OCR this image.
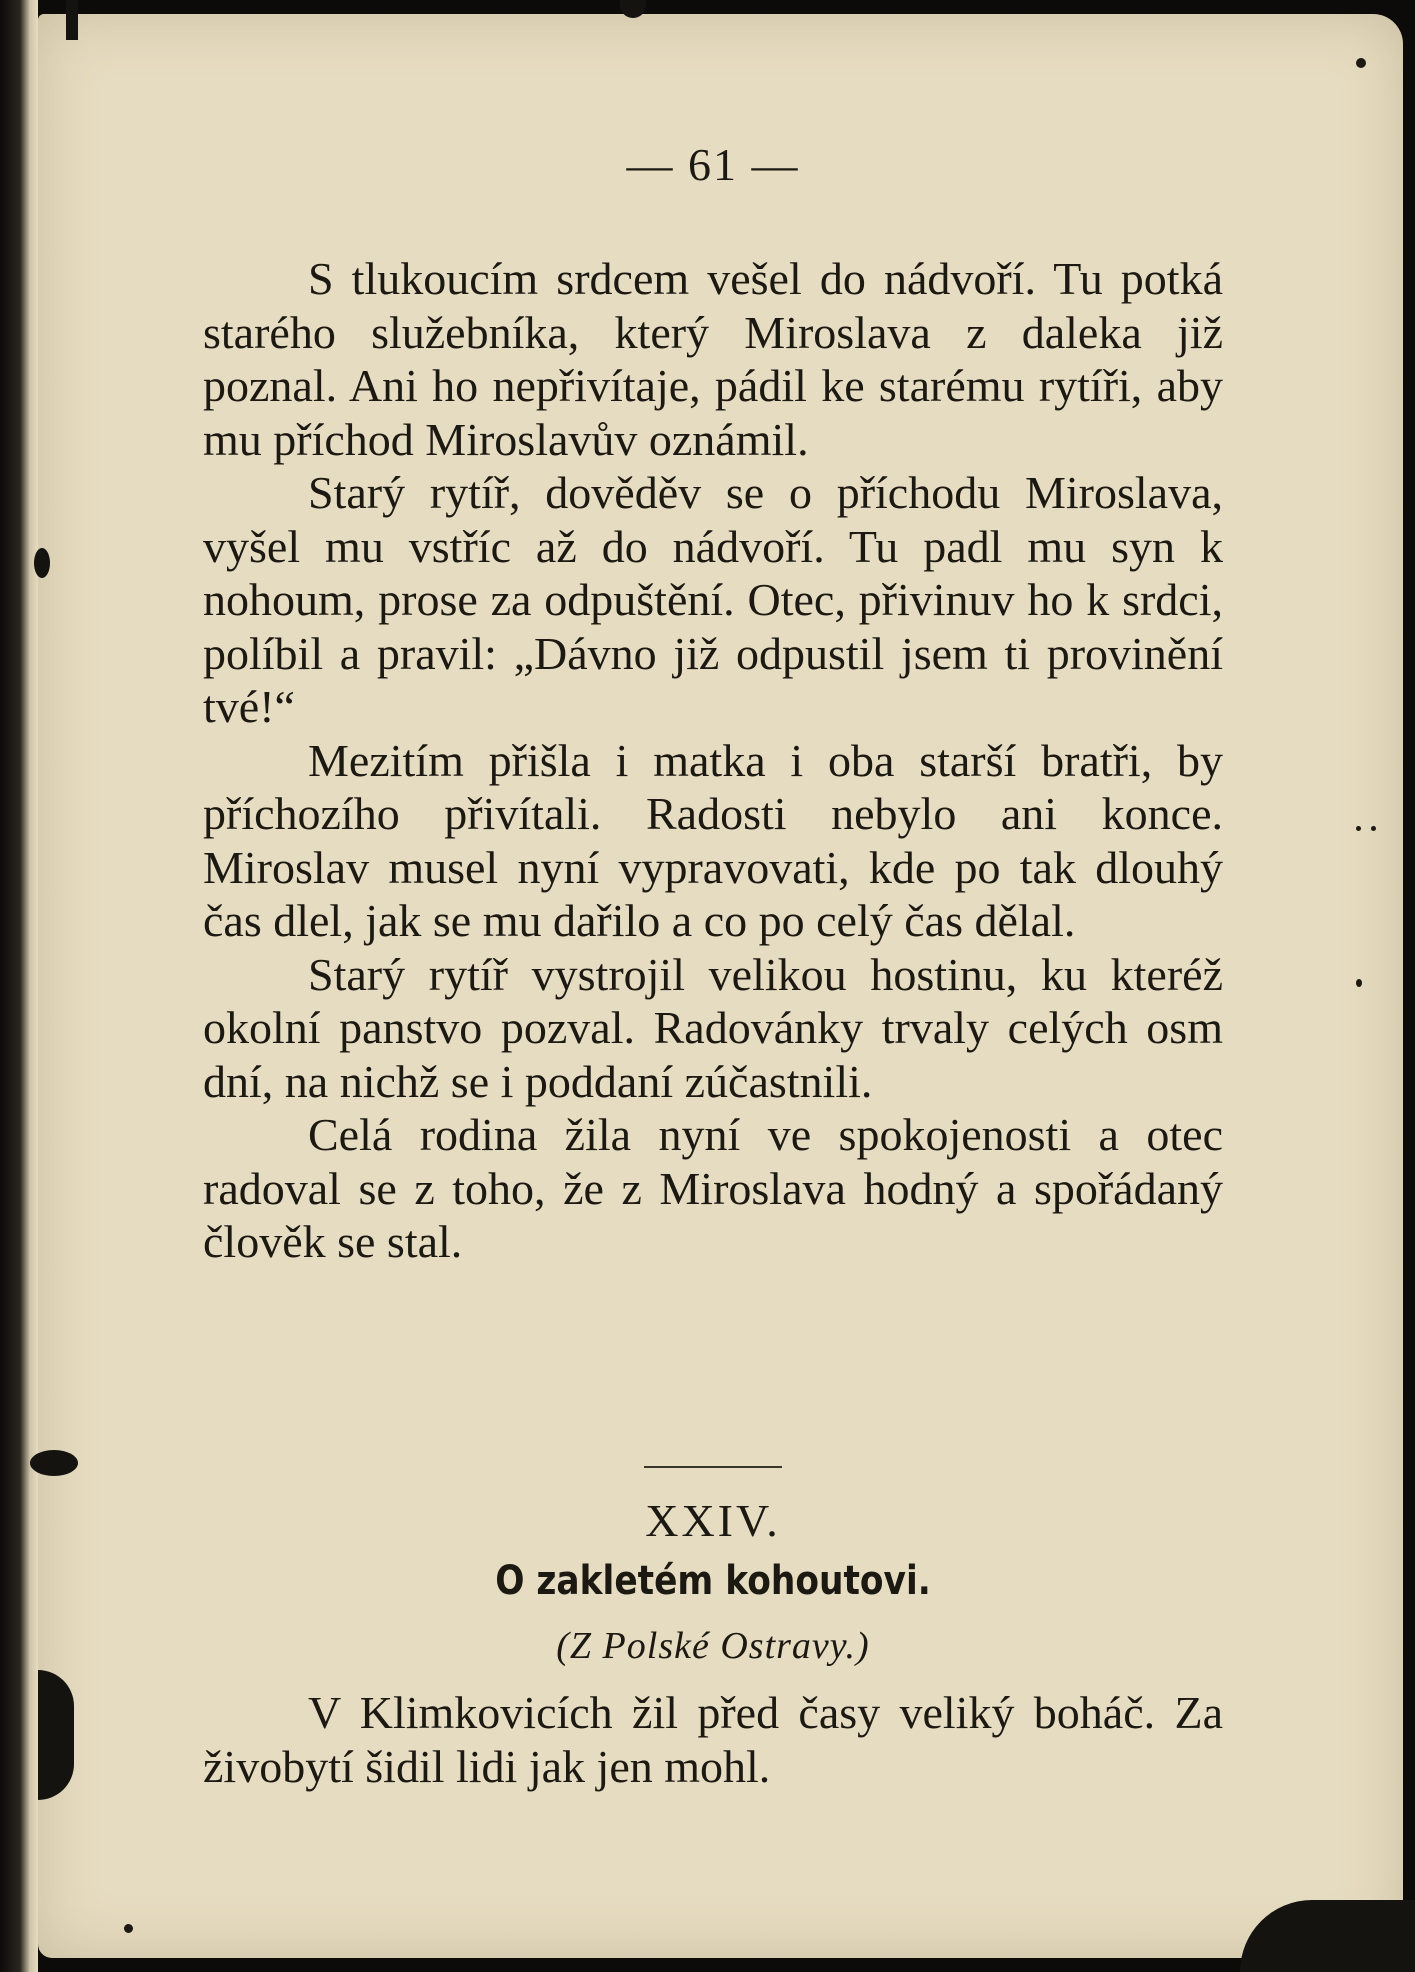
— 61 —

S tlukoucím srdcem vešel do nádvoří. Tu potká starého služebníka, který Miroslava z daleka již poznal. Ani ho nepřivítaje, pádil ke starému rytíři, aby mu příchod Miroslavův oznámil.

Starý rytíř, dověděv se o příchodu Miroslava, vyšel mu vstříc až do nádvoří. Tu padl mu syn k nohoum, prose za odpuštění. Otec, přivinuv ho k srdci, políbil a pravil: „Dávno již odpustil jsem ti provinění tvé!“

Mezitím přišla i matka i oba starší bratři, by příchozího přivítali. Radosti nebylo ani konce. Miroslav musel nyní vypravovati, kde po tak dlouhý čas dlel, jak se mu dařilo a co po celý čas dělal.

Starý rytíř vystrojil velikou hostinu, ku kteréž okolní panstvo pozval. Radovánky trvaly celých osm dní, na nichž se i poddaní zúčastnili.

Celá rodina žila nyní ve spokojenosti a otec radoval se z toho, že z Miroslava hodný a spořádaný člověk se stal.

XXIV.
O zakletém kohoutovi.
(Z Polské Ostravy.)

V Klimkovicích žil před časy veliký boháč. Za živobytí šidil lidi jak jen mohl.
